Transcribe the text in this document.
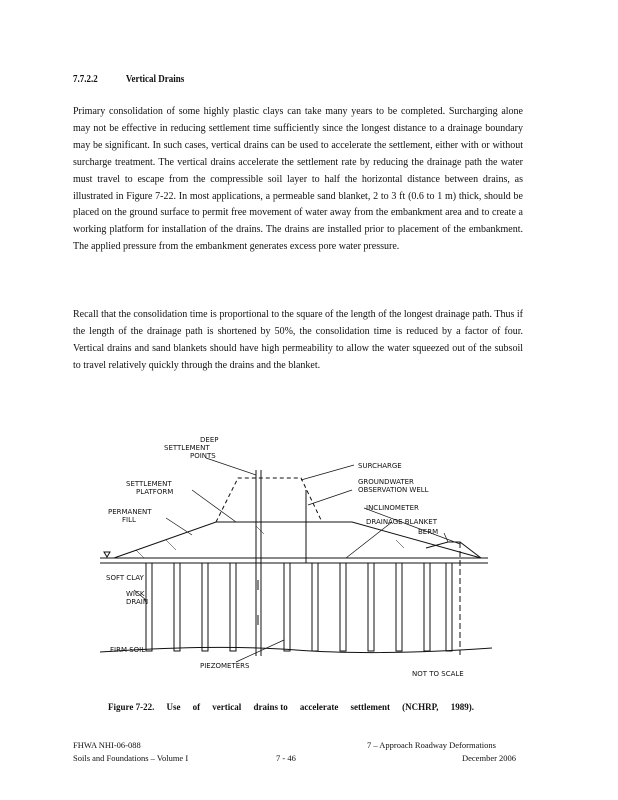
7.7.2.2	Vertical Drains

Primary consolidation of some highly plastic clays can take many years to be completed. Surcharging alone may not be effective in reducing settlement time sufficiently since the longest distance to a drainage boundary may be significant. In such cases, vertical drains can be used to accelerate the settlement, either with or without surcharge treatment. The vertical drains accelerate the settlement rate by reducing the drainage path the water must travel to escape from the compressible soil layer to half the horizontal distance between drains, as illustrated in Figure 7-22. In most applications, a permeable sand blanket, 2 to 3 ft (0.6 to 1 m) thick, should be placed on the ground surface to permit free movement of water away from the embankment area and to create a working platform for installation of the drains. The drains are installed prior to placement of the embankment. The applied pressure from the embankment generates excess pore water pressure.

Recall that the consolidation time is proportional to the square of the length of the longest drainage path. Thus if the length of the drainage path is shortened by 50%, the consolidation time is reduced by a factor of four. Vertical drains and sand blankets should have high permeability to allow the water squeezed out of the subsoil to travel relatively quickly through the drains and the blanket.

DEEP
SETTLEMENT
POINTS
SETTLEMENT
PLATFORM
PERMANENT
FILL
SURCHARGE
GROUNDWATER
OBSERVATION WELL
INCLINOMETER
DRAINAGE BLANKET
BERM
SOFT CLAY
WICK
DRAIN
FIRM SOIL
PIEZOMETERS
NOT TO SCALE
Figure 7-22. Use of vertical drains to accelerate settlement (NCHRP, 1989).
FHWA NHI-06-088
Soils and Foundations – Volume I	7 - 46
7 – Approach Roadway Deformations
December 2006
